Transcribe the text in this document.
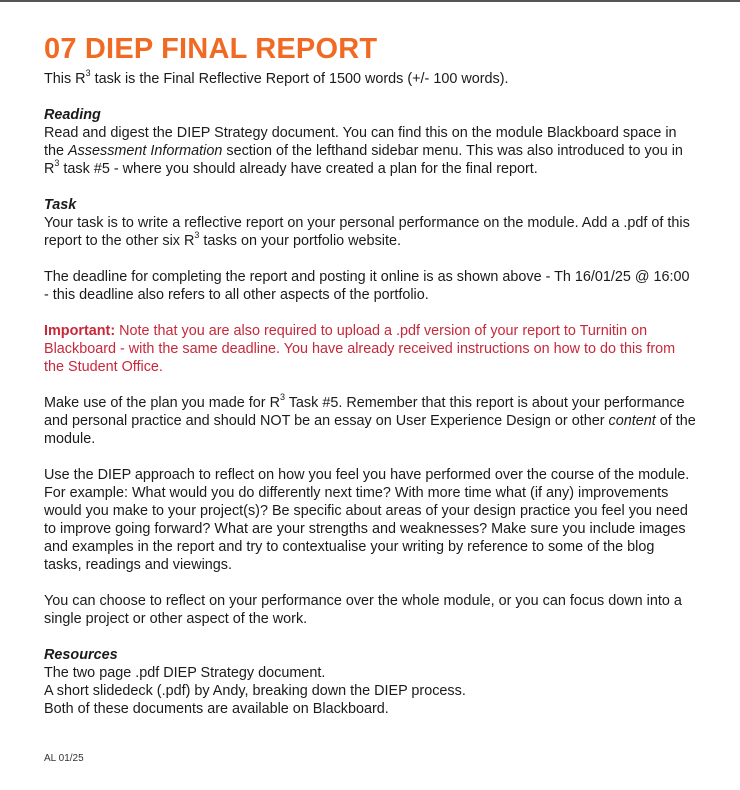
07 DIEP FINAL REPORT

This $R^3$ task is the Final Reflective Report of 1500 words (+/- 100 words).

Reading

Read and digest the DIEP Strategy document. You can find this on the module Blackboard space in

the Assessment Information section of the lefthand sidebar menu. This was also introduced to you in

$R^3$ task #5 - where you should already have created a plan for the final report.

Task

Your task is to write a reflective report on your personal performance on the module. Add a .pdf of this

report to the other six $R^3$ tasks on your portfolio website.

The deadline for completing the report and posting it online is as shown above - Th 16/01/25 @ 16:00

- this deadline also refers to all other aspects of the portfolio.

Important: Note that you are also required to upload a .pdf version of your report to Turnitin on

Blackboard - with the same deadline. You have already received instructions on how to do this from

the Student Office.

Make use of the plan you made for $R^3$ Task #5. Remember that this report is about your performance

and personal practice and should NOT be an essay on User Experience Design or other content of the

module.

Use the DIEP approach to reflect on how you feel you have performed over the course of the module.

For example: What would you do differently next time? With more time what (if any) improvements

would you make to your project(s)? Be specific about areas of your design practice you feel you need

to improve going forward? What are your strengths and weaknesses? Make sure you include images

and examples in the report and try to contextualise your writing by reference to some of the blog

tasks, readings and viewings.

You can choose to reflect on your performance over the whole module, or you can focus down into a

single project or other aspect of the work.

Resources

The two page .pdf DIEP Strategy document.

A short slidedeck (.pdf) by Andy, breaking down the DIEP process.

Both of these documents are available on Blackboard.

AL 01/25
